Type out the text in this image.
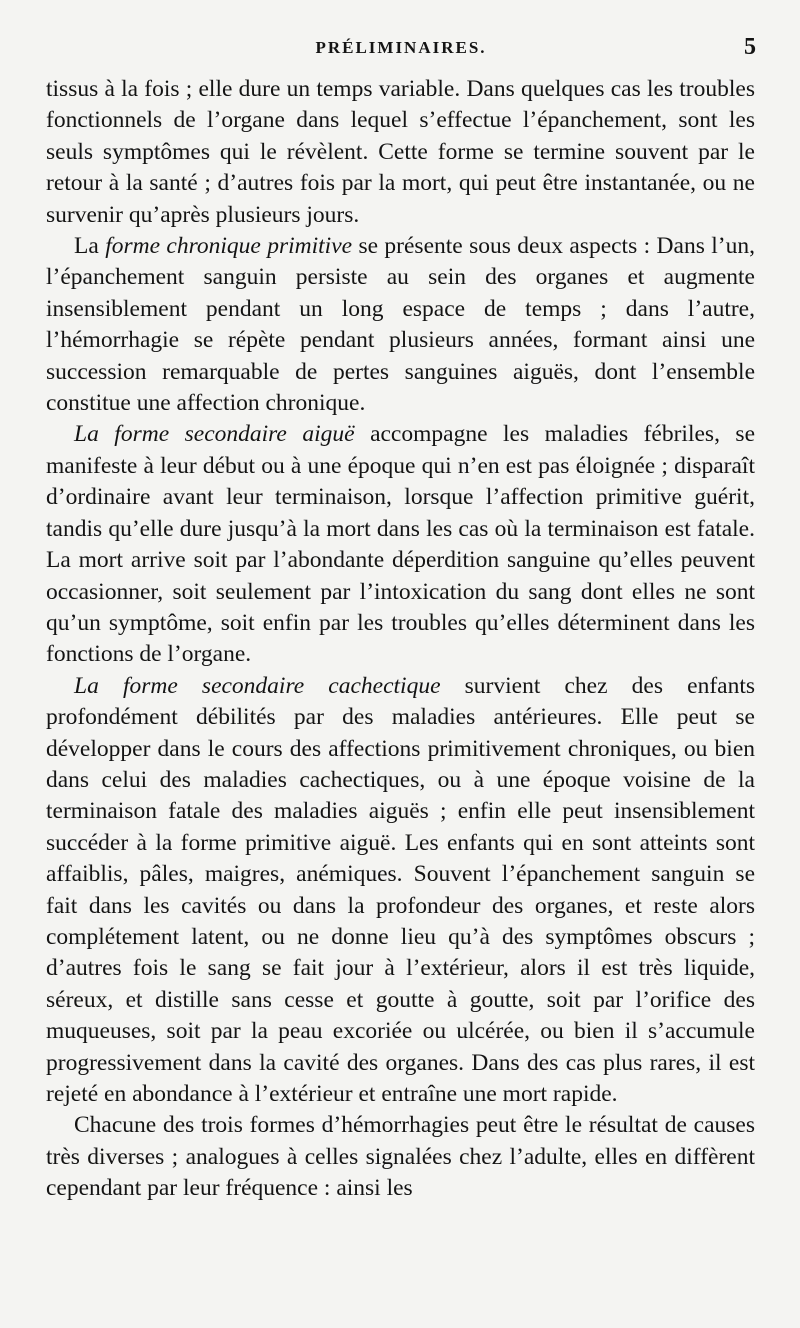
PRÉLIMINAIRES.	5

tissus à la fois ; elle dure un temps variable. Dans quelques cas les troubles fonctionnels de l’organe dans lequel s’effectue l’épanchement, sont les seuls symptômes qui le révèlent. Cette forme se termine souvent par le retour à la santé ; d’autres fois par la mort, qui peut être instantanée, ou ne survenir qu’après plusieurs jours.

La forme chronique primitive se présente sous deux aspects : Dans l’un, l’épanchement sanguin persiste au sein des organes et augmente insensiblement pendant un long espace de temps ; dans l’autre, l’hémorrhagie se répète pendant plusieurs années, formant ainsi une succession remarquable de pertes sanguines aiguës, dont l’ensemble constitue une affection chronique.

La forme secondaire aiguë accompagne les maladies fébriles, se manifeste à leur début ou à une époque qui n’en est pas éloignée ; disparaît d’ordinaire avant leur terminaison, lorsque l’affection primitive guérit, tandis qu’elle dure jusqu’à la mort dans les cas où la terminaison est fatale. La mort arrive soit par l’abondante déperdition sanguine qu’elles peuvent occasionner, soit seulement par l’intoxication du sang dont elles ne sont qu’un symptôme, soit enfin par les troubles qu’elles déterminent dans les fonctions de l’organe.

La forme secondaire cachectique survient chez des enfants profondément débilités par des maladies antérieures. Elle peut se développer dans le cours des affections primitivement chroniques, ou bien dans celui des maladies cachectiques, ou à une époque voisine de la terminaison fatale des maladies aiguës ; enfin elle peut insensiblement succéder à la forme primitive aiguë. Les enfants qui en sont atteints sont affaiblis, pâles, maigres, anémiques. Souvent l’épanchement sanguin se fait dans les cavités ou dans la profondeur des organes, et reste alors complétement latent, ou ne donne lieu qu’à des symptômes obscurs ; d’autres fois le sang se fait jour à l’extérieur, alors il est très liquide, séreux, et distille sans cesse et goutte à goutte, soit par l’orifice des muqueuses, soit par la peau excoriée ou ulcérée, ou bien il s’accumule progressivement dans la cavité des organes. Dans des cas plus rares, il est rejeté en abondance à l’extérieur et entraîne une mort rapide.

Chacune des trois formes d’hémorrhagies peut être le résultat de causes très diverses ; analogues à celles signalées chez l’adulte, elles en diffèrent cependant par leur fréquence : ainsi les
